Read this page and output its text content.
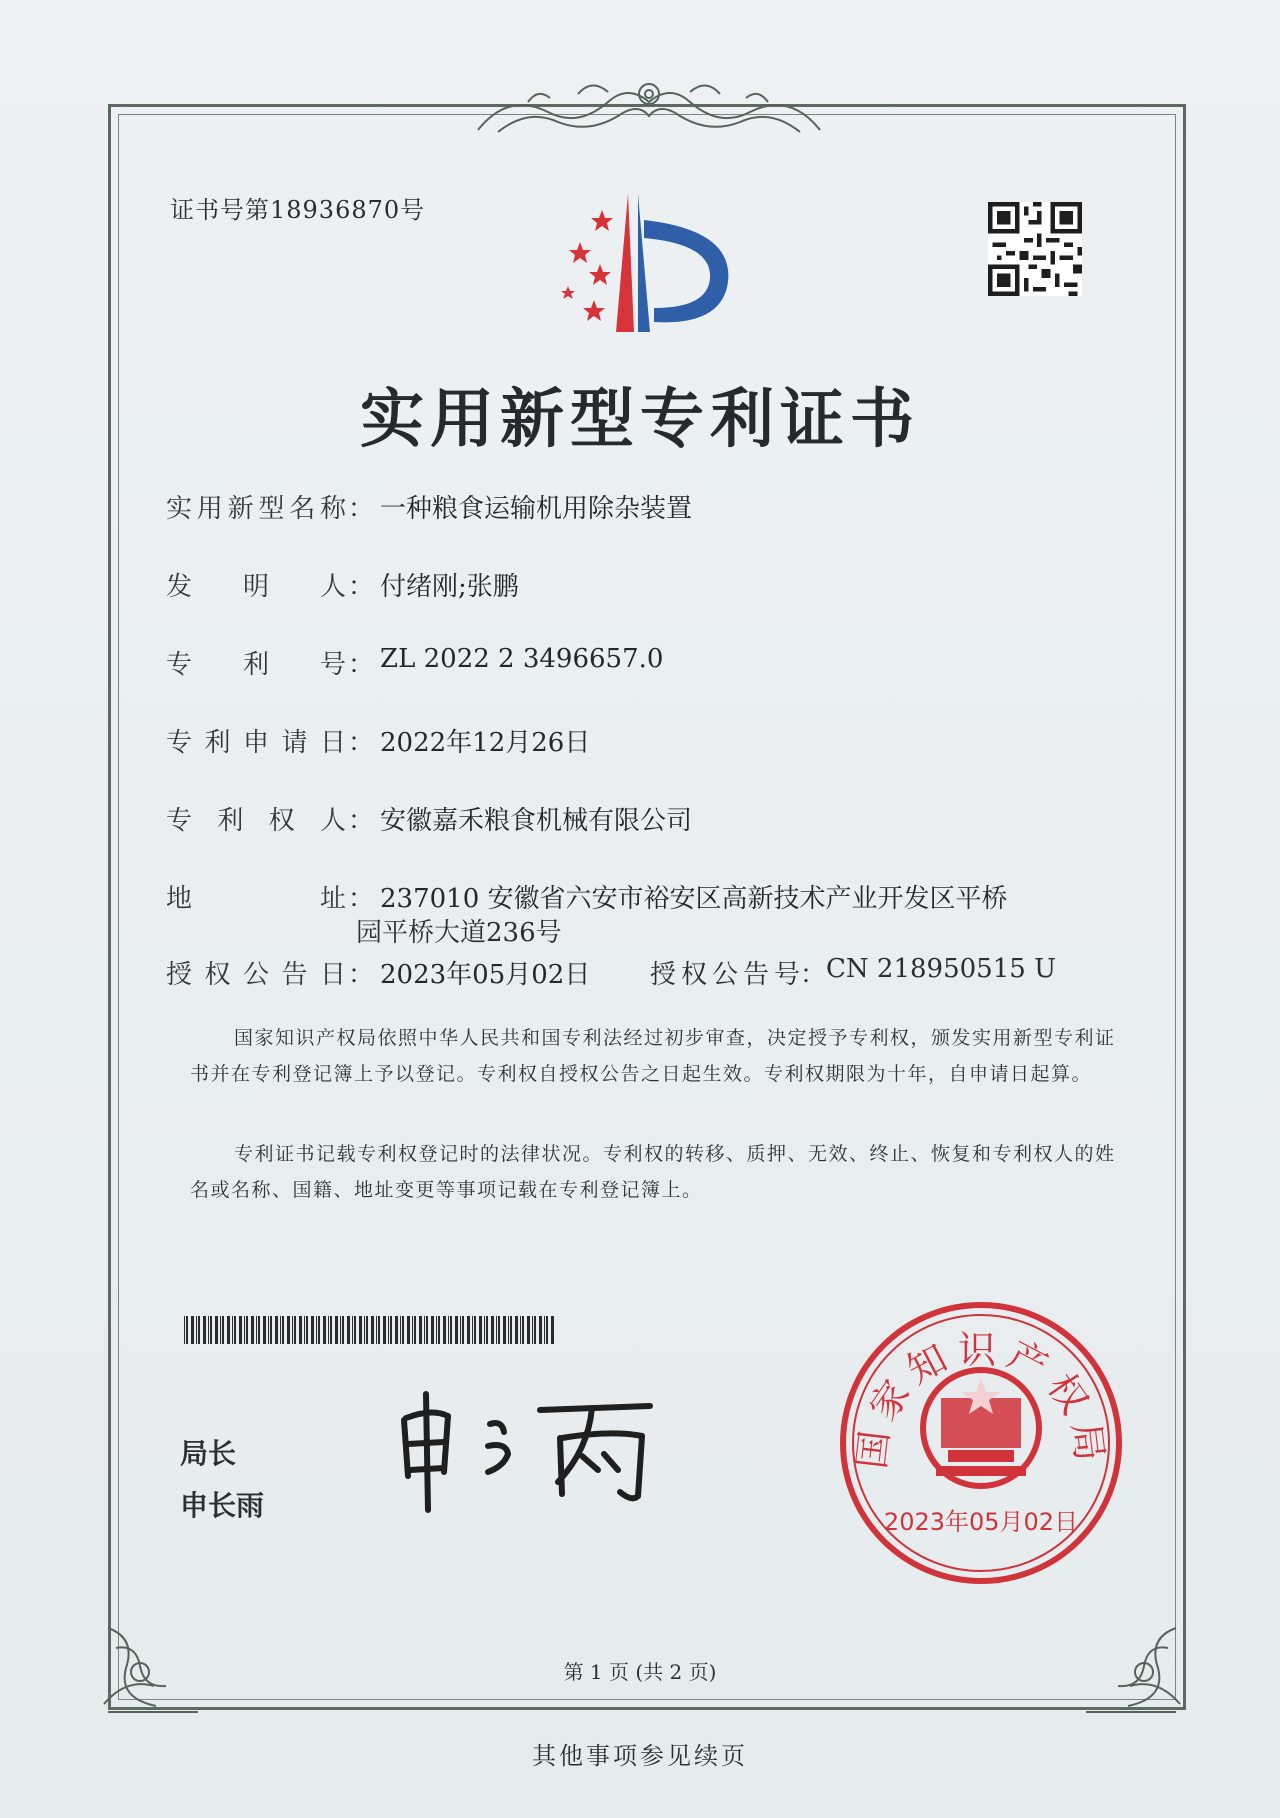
证书号第18936870号
实用新型专利证书
实用新型名称 ： 一种粮食运输机用除杂装置
发明人 ： 付绪刚;张鹏
专利号 ： ZL 2022 2 3496657.0
专利申请日 ： 2022年12月26日
专利权人 ： 安徽嘉禾粮食机械有限公司
地址 ： 237010 安徽省六安市裕安区高新技术产业开发区平桥
园平桥大道236号
授权公告日 ： 2023年05月02日 授权公告号 ： CN 218950515 U
国家知识产权局依照中华人民共和国专利法经过初步审查，决定授予专利权，颁发实用新型专利证书并在专利登记簿上予以登记。专利权自授权公告之日起生效。专利权期限为十年，自申请日起算。
专利证书记载专利权登记时的法律状况。专利权的转移、质押、无效、终止、恢复和专利权人的姓名或名称、国籍、地址变更等事项记载在专利登记簿上。
局长
申长雨
国家知识产权局
2023年05月02日
第 1 页 (共 2 页)
其他事项参见续页
